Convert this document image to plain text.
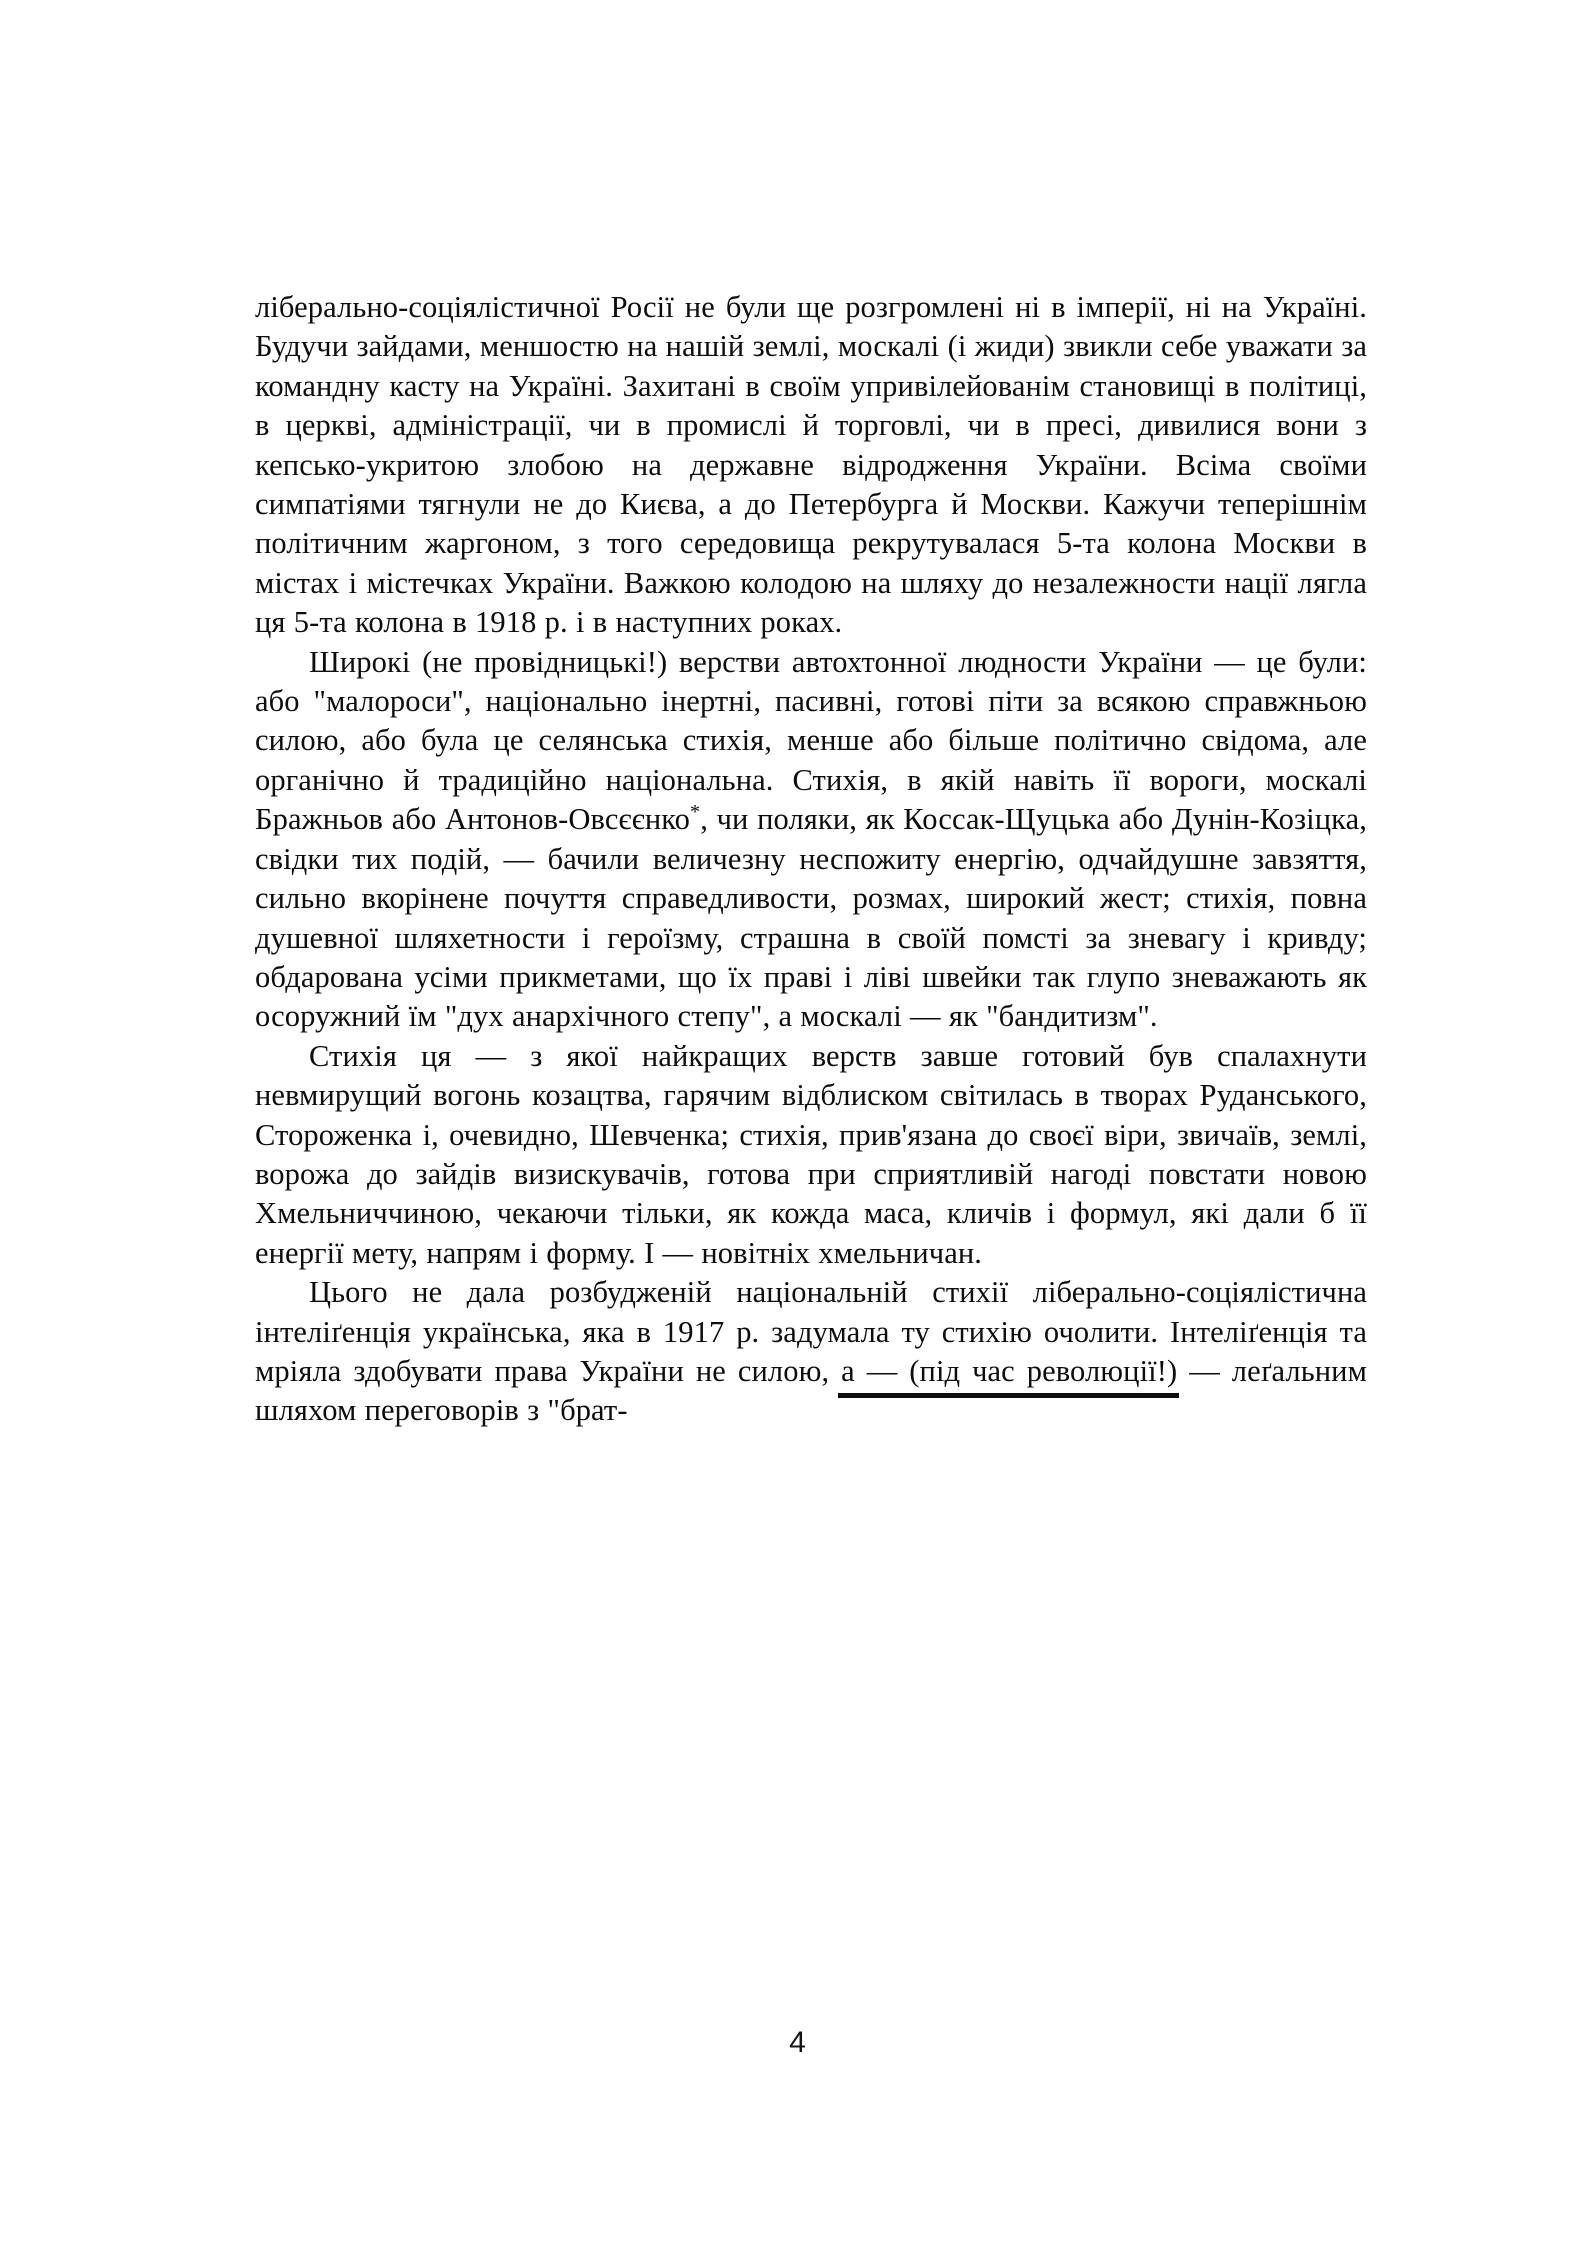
ліберально-соціялістичної Росії не були ще розгромлені ні в імперії, ні на Україні. Будучи зайдами, меншостю на нашій землі, москалі (і жиди) звикли себе уважати за командну касту на Україні. Захитані в своїм упривілейованім становищі в політиці, в церкві, адміністрації, чи в промислі й торговлі, чи в пресі, дивилися вони з кепсько-укритою злобою на державне відродження України. Всіма своїми симпатіями тягнули не до Києва, а до Петербурга й Москви. Кажучи теперішнім політичним жаргоном, з того середовища рекрутувалася 5-та колона Москви в містах і містечках України. Важкою колодою на шляху до незалежности нації лягла ця 5-та колона в 1918 р. і в наступних роках.

Широкі (не провідницькі!) верстви автохтонної людности України — це були: або "малороси", національно інертні, пасивні, готові піти за всякою справжньою силою, або була це селянська стихія, менше або більше політично свідома, але органічно й традиційно національна. Стихія, в якій навіть її вороги, москалі Бражньов або Антонов-Овсєєнко*, чи поляки, як Коссак-Щуцька або Дунін-Козіцка, свідки тих подій, — бачили величезну неспожиту енергію, одчайдушне завзяття, сильно вкорінене почуття справедливости, розмах, широкий жест; стихія, повна душевної шляхетности і героїзму, страшна в своїй помсті за зневагу і кривду; обдарована усіми прикметами, що їх праві і ліві швейки так глупо зневажають як осоружний їм "дух анархічного степу", а москалі — як "бандитизм".

Стихія ця — з якої найкращих верств завше готовий був спалахнути невмирущий вогонь козацтва, гарячим відблиском світилась в творах Руданського, Стороженка і, очевидно, Шевченка; стихія, прив'язана до своєї віри, звичаїв, землі, ворожа до зайдів визискувачів, готова при сприятливій нагоді повстати новою Хмельниччиною, чекаючи тільки, як кожда маса, кличів і формул, які дали б її енергії мету, напрям і форму. І — новітніх хмельничан.

Цього не дала розбудженій національній стихії ліберально-соціялістична інтеліґенція українська, яка в 1917 р. задумала ту стихію очолити. Інтеліґенція та мріяла здобувати права України не силою, а — (під час революції!) — леґальним шляхом переговорів з "брат-

4
